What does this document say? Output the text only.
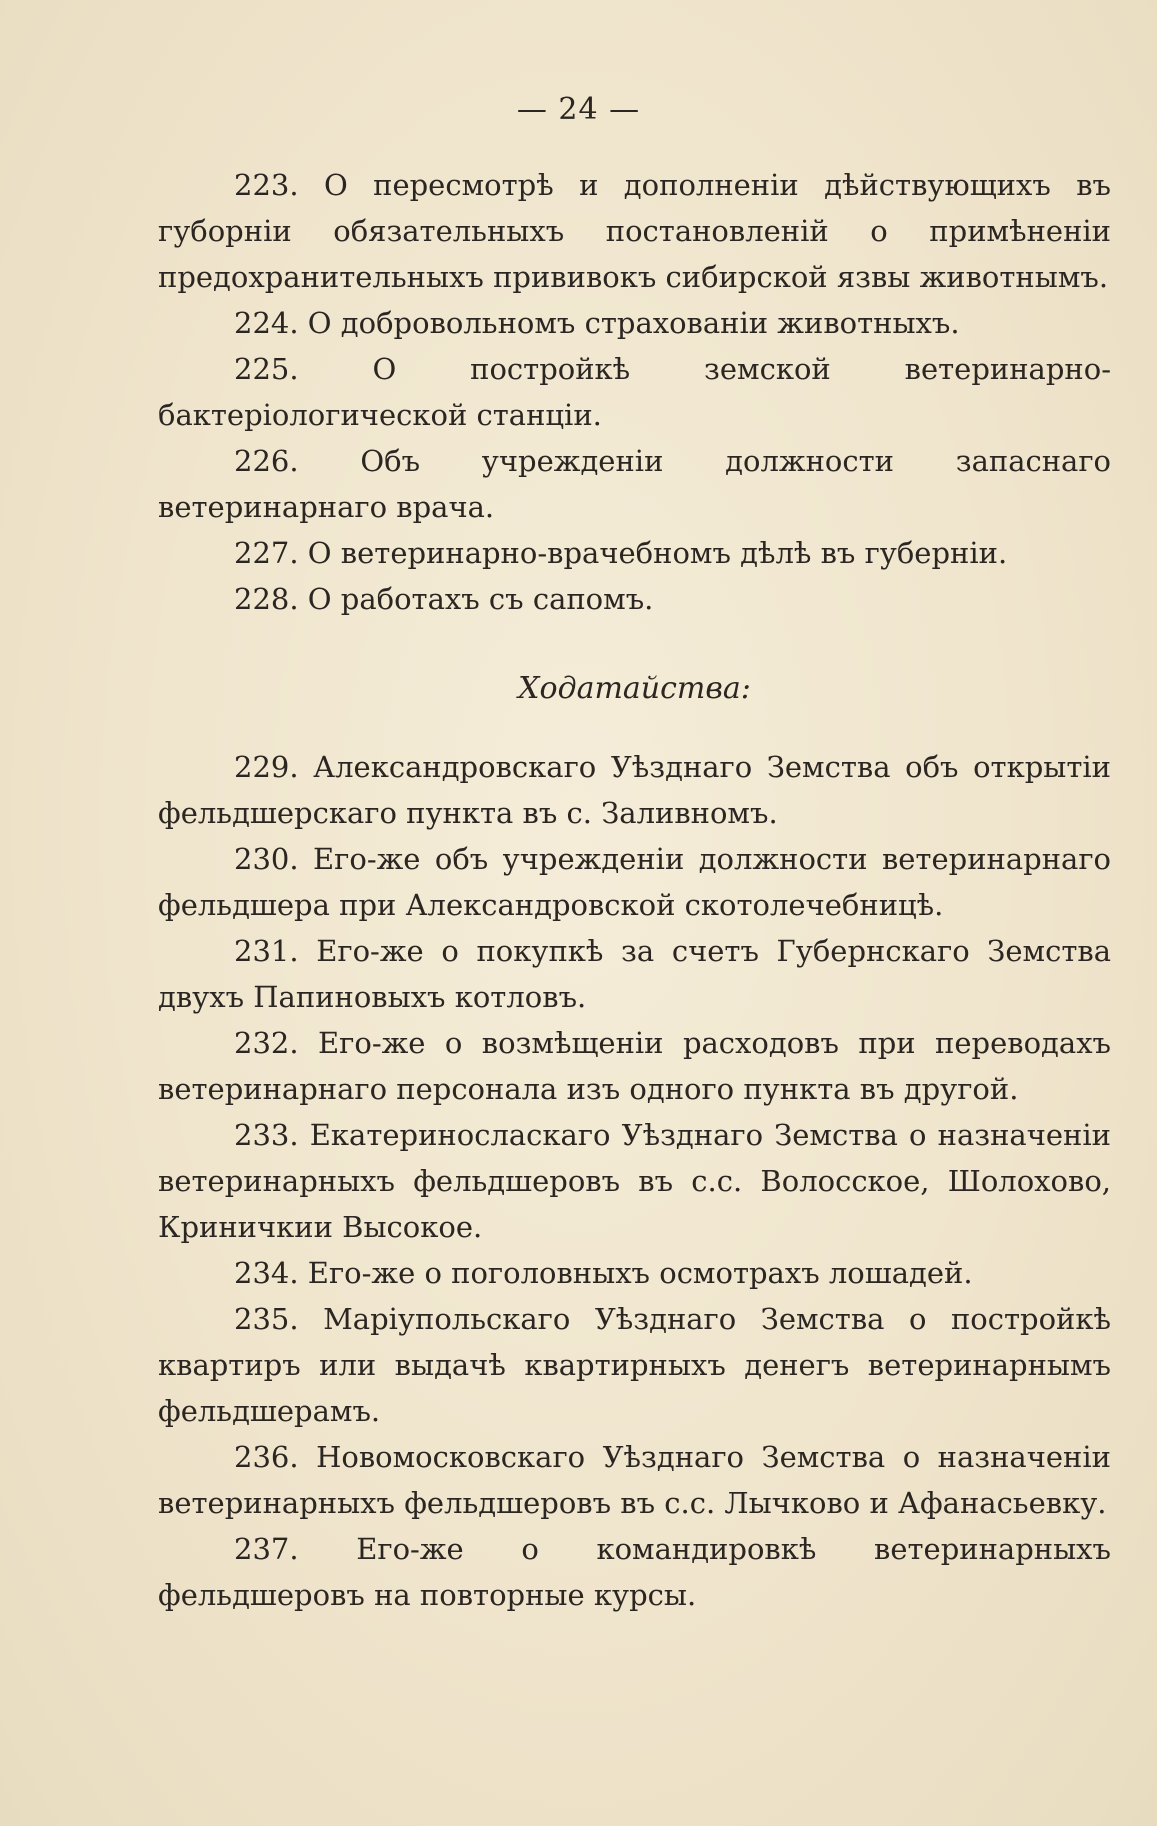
— 24 —

223. О пересмотрѣ и дополненіи дѣйствующихъ въ губорніи обязательныхъ постановленій о примѣненіи предохранительныхъ прививокъ сибирской язвы животнымъ.

224. О добровольномъ страхованіи животныхъ.

225. О постройкѣ земской ветеринарно-бактеріологической станціи.

226. Объ учрежденіи должности запаснаго ветеринарнаго врача.

227. О ветеринарно-врачебномъ дѣлѣ въ губерніи.

228. О работахъ съ сапомъ.

Ходатайства:

229. Александровскаго Уѣзднаго Земства объ открытіи фельдшерскаго пункта въ с. Заливномъ.

230. Его-же объ учрежденіи должности ветеринарнаго фельдшера при Александровской скотолечебницѣ.

231. Его-же о покупкѣ за счетъ Губернскаго Земства двухъ Папиновыхъ котловъ.

232. Его-же о возмѣщеніи расходовъ при переводахъ ветеринарнаго персонала изъ одного пункта въ другой.

233. Екатериносласкаго Уѣзднаго Земства о назначеніи ветеринарныхъ фельдшеровъ въ с.с. Волосское, Шолохово, Криничкии Высокое.

234. Его-же о поголовныхъ осмотрахъ лошадей.

235. Маріупольскаго Уѣзднаго Земства о постройкѣ квартиръ или выдачѣ квартирныхъ денегъ ветеринарнымъ фельдшерамъ.

236. Новомосковскаго Уѣзднаго Земства о назначеніи ветеринарныхъ фельдшеровъ въ с.с. Лычково и Афанасьевку.

237. Его-же о командировкѣ ветеринарныхъ фельдшеровъ на повторные курсы.
